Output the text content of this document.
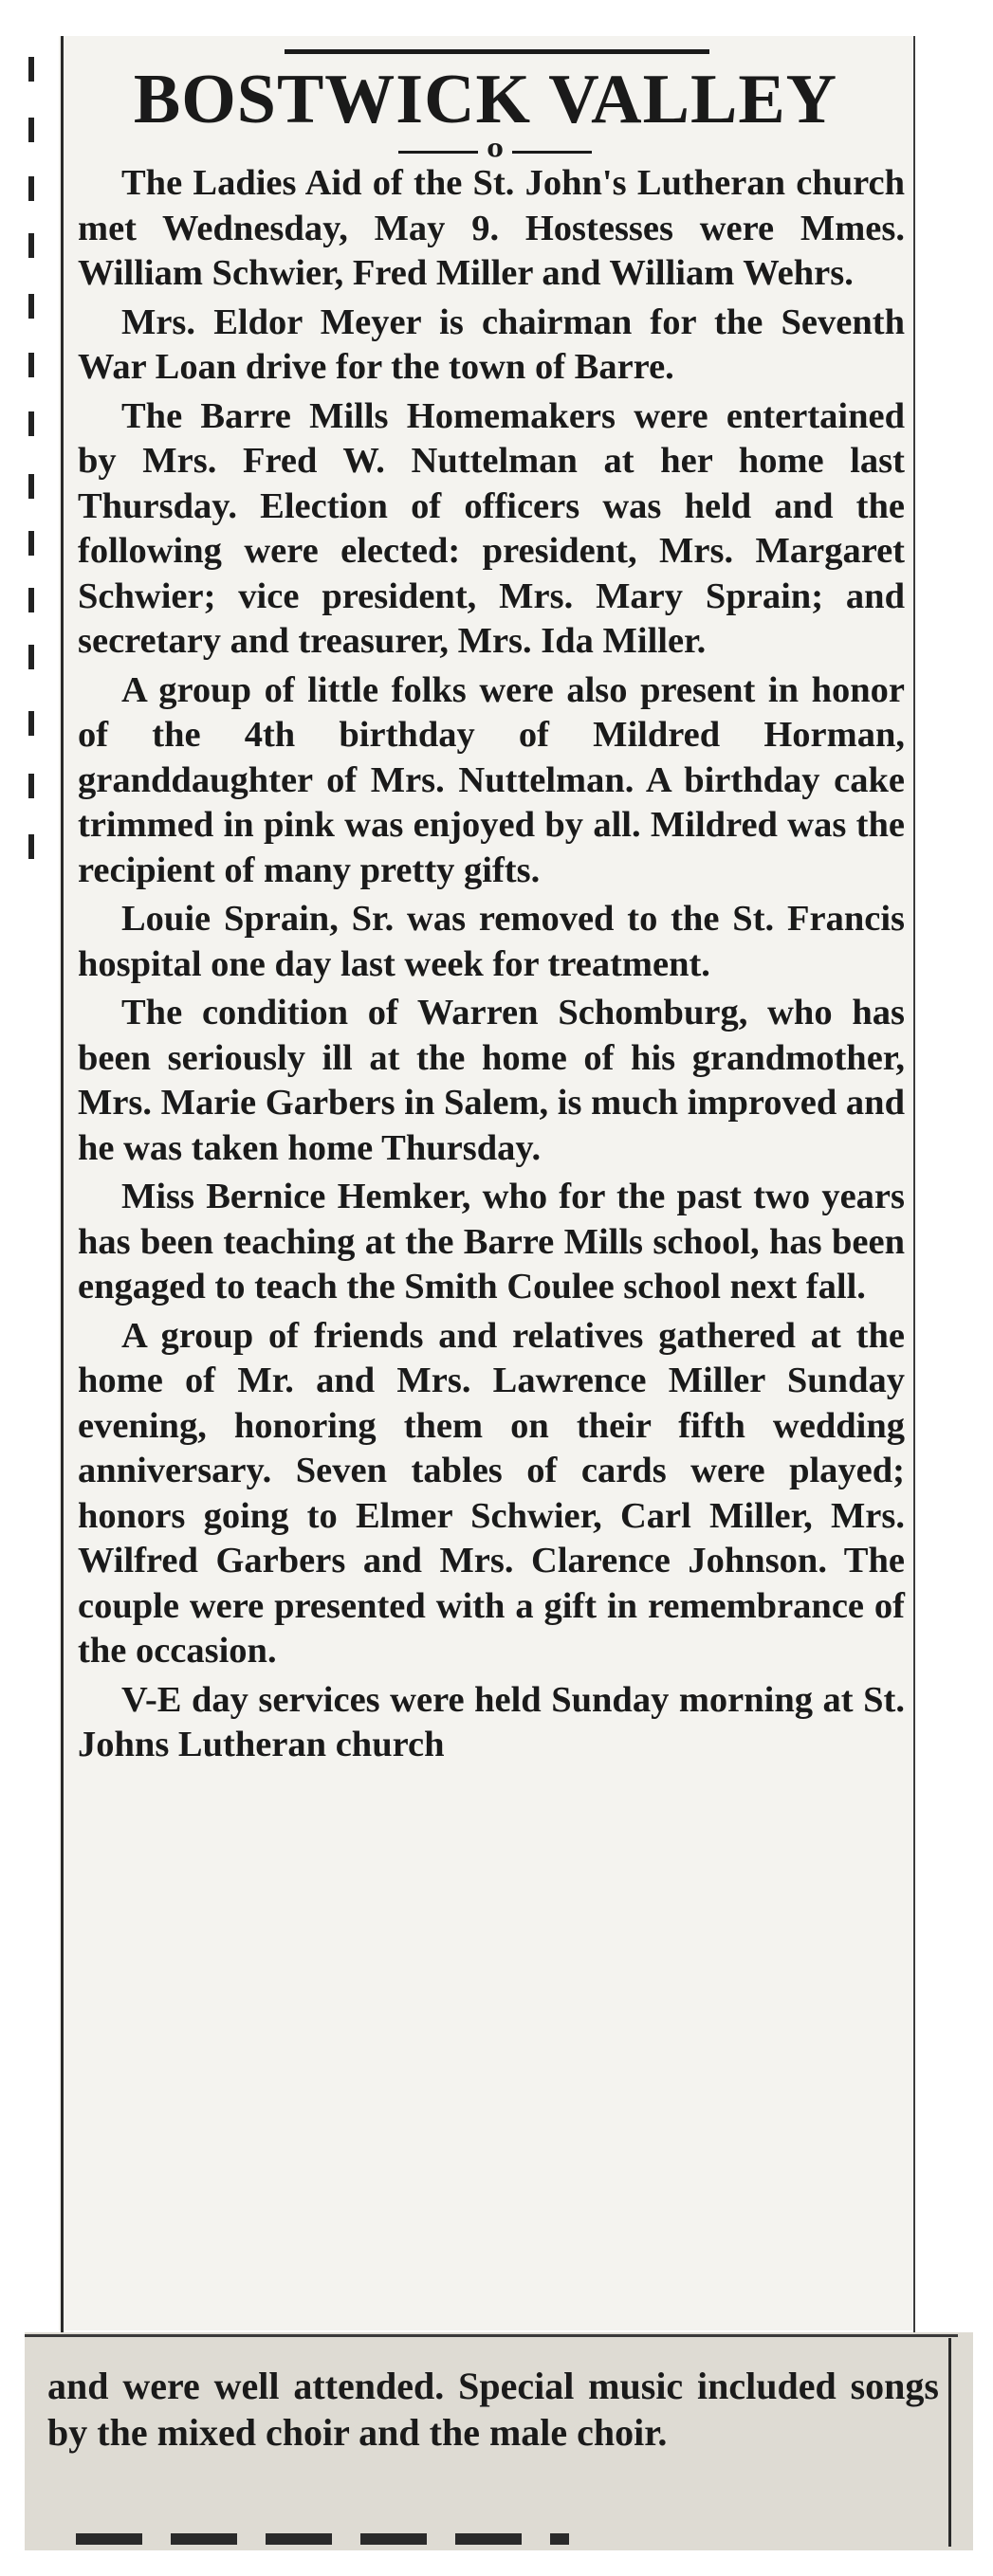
BOSTWICK VALLEY
o

The Ladies Aid of the St. John's Lutheran church met Wednesday, May 9. Hostesses were Mmes. William Schwier, Fred Miller and William Wehrs.

Mrs. Eldor Meyer is chairman for the Seventh War Loan drive for the town of Barre.

The Barre Mills Homemakers were entertained by Mrs. Fred W. Nuttelman at her home last Thursday. Election of officers was held and the following were elected: president, Mrs. Margaret Schwier; vice president, Mrs. Mary Sprain; and secretary and treasurer, Mrs. Ida Miller.

A group of little folks were also present in honor of the 4th birthday of Mildred Horman, granddaughter of Mrs. Nuttelman. A birthday cake trimmed in pink was enjoyed by all. Mildred was the recipient of many pretty gifts.

Louie Sprain, Sr. was removed to the St. Francis hospital one day last week for treatment.

The condition of Warren Schomburg, who has been seriously ill at the home of his grandmother, Mrs. Marie Garbers in Salem, is much improved and he was taken home Thursday.

Miss Bernice Hemker, who for the past two years has been teaching at the Barre Mills school, has been engaged to teach the Smith Coulee school next fall.

A group of friends and relatives gathered at the home of Mr. and Mrs. Lawrence Miller Sunday evening, honoring them on their fifth wedding anniversary. Seven tables of cards were played; honors going to Elmer Schwier, Carl Miller, Mrs. Wilfred Garbers and Mrs. Clarence Johnson. The couple were presented with a gift in remembrance of the occasion.

V-E day services were held Sunday morning at St. Johns Lutheran church

and were well attended. Special music included songs by the mixed choir and the male choir.
